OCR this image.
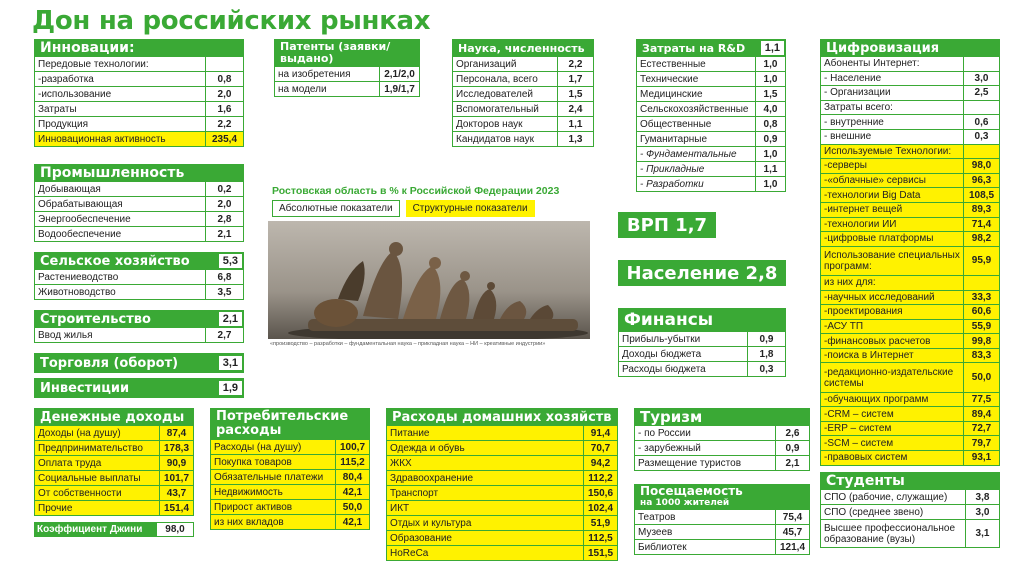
Дон на российских рынках
Инновации:
Передовые технологии:
-разработка	0,8
-использование	2,0
Затраты	1,6
Продукция	2,2
Инновационная активность	235,4
Патенты (заявки/выдано)
на изобретения	2,1/2,0
на модели	1,9/1,7
Наука, численность
Организаций	2,2
Персонала, всего	1,7
Исследователей	1,5
Вспомогательный	2,4
Докторов наук	1,1
Кандидатов наук	1,3
Затраты на R&D	1,1
Естественные	1,0
Технические	1,0
Медицинские	1,5
Сельскохозяйственные	4,0
Общественные	0,8
Гуманитарные	0,9
- Фундаментальные	1,0
- Прикладные	1,1
- Разработки	1,0
Цифровизация
Абоненты Интернет:
- Население	3,0
- Организации	2,5
Затраты всего:
- внутренние	0,6
- внешние	0,3
Используемые Технологии:
-серверы	98,0
-«облачные» сервисы	96,3
-технологии Big Data	108,5
-интернет вещей	89,3
-технологии ИИ	71,4
-цифровые платформы	98,2
Использование специальных программ:	95,9
из них для:
-научных исследований	33,3
-проектирования	60,6
-АСУ ТП	55,9
-финансовых расчетов	99,8
-поиска в Интернет	83,3
-редакционно-издательские системы	50,0
-обучающих программ	77,5
-CRM – систем	89,4
-ERP – систем	72,7
-SCM – систем	79,7
-правовых систем	93,1
Промышленность
Добывающая	0,2
Обрабатывающая	2,0
Энергообеспечение	2,8
Водообеспечение	2,1
Сельское хозяйство	5,3
Растениеводство	6,8
Животноводство	3,5
Строительство	2,1
Ввод жилья	2,7
Торговля (оборот)	3,1
Инвестиции	1,9
Ростовская область в % к Российской Федерации 2023
Абсолютные показатели	Структурные показатели
«производство – разработки – фундаментальная наука – прикладная наука – НИ – креативные индустрии»
ВРП 1,7
Население 2,8
Финансы
Прибыль-убытки	0,9
Доходы бюджета	1,8
Расходы бюджета	0,3
Денежные доходы
Доходы (на душу)	87,4
Предпринимательство	178,3
Оплата труда	90,9
Социальные выплаты	101,7
От собственности	43,7
Прочие	151,4
Коэффициент Джини	98,0
Потребительские расходы
Расходы (на душу)	100,7
Покупка товаров	115,2
Обязательные платежи	80,4
Недвижимость	42,1
Прирост активов	50,0
из них вкладов	42,1
Расходы домашних хозяйств
Питание	91,4
Одежда и обувь	70,7
ЖКХ	94,2
Здравоохранение	112,2
Транспорт	150,6
ИКТ	102,4
Отдых и культура	51,9
Образование	112,5
HoReCa	151,5
Туризм
- по России	2,6
- зарубежный	0,9
Размещение туристов	2,1
Посещаемость
на 1000 жителей
Театров	75,4
Музеев	45,7
Библиотек	121,4
Студенты
СПО (рабочие, служащие)	3,8
СПО (среднее звено)	3,0
Высшее профессиональное образование (вузы)	3,1
